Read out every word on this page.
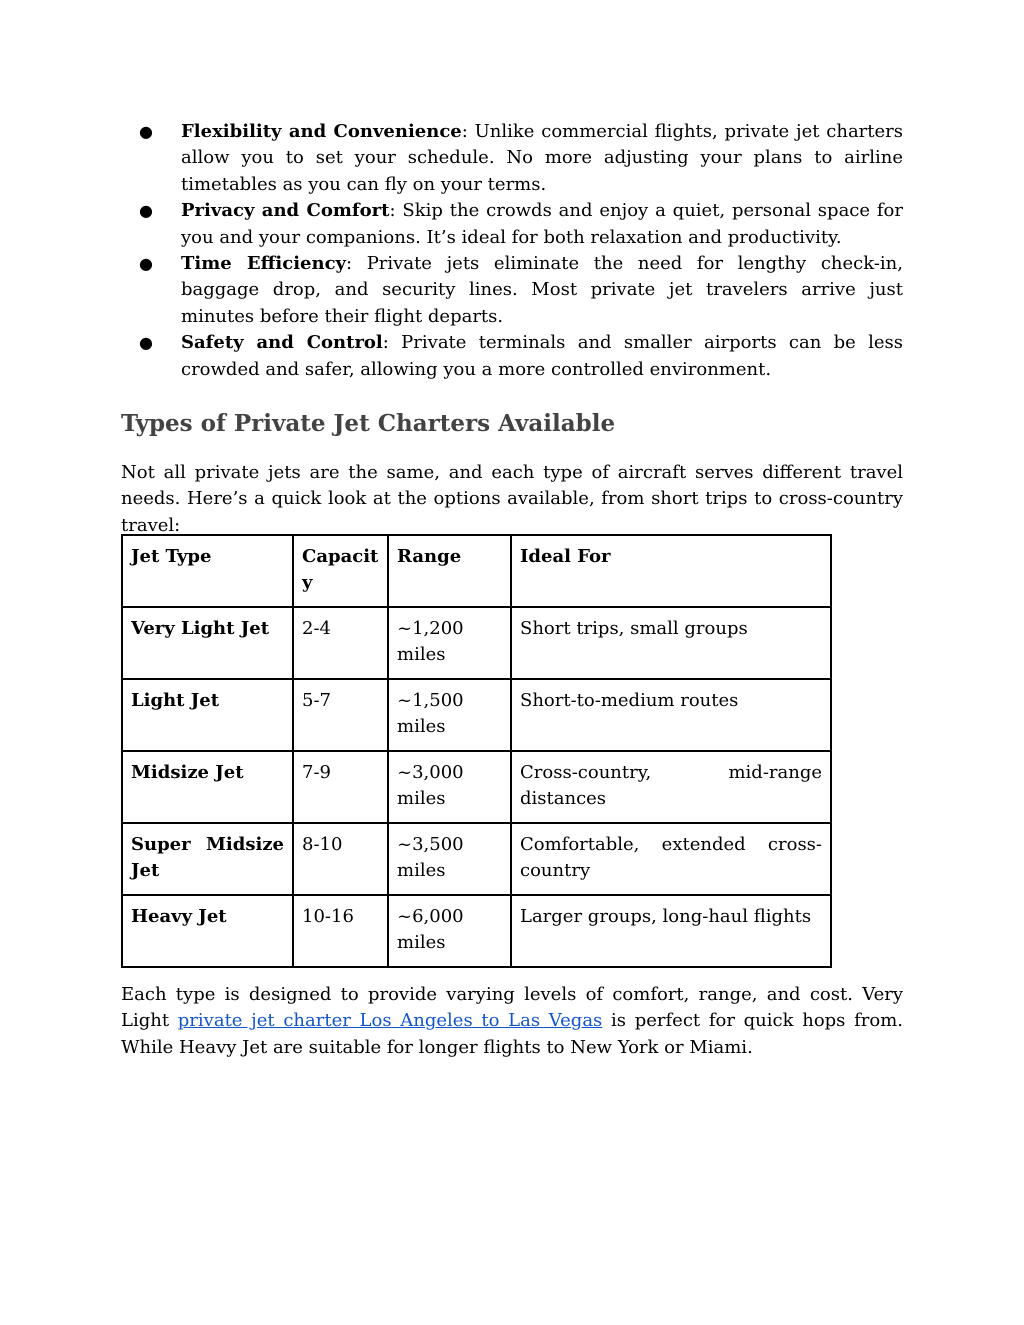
● Flexibility and Convenience: Unlike commercial flights, private jet charters allow you to set your schedule. No more adjusting your plans to airline timetables as you can fly on your terms.
● Privacy and Comfort: Skip the crowds and enjoy a quiet, personal space for you and your companions. It’s ideal for both relaxation and productivity.
● Time Efficiency: Private jets eliminate the need for lengthy check-in, baggage drop, and security lines. Most private jet travelers arrive just minutes before their flight departs.
● Safety and Control: Private terminals and smaller airports can be less crowded and safer, allowing you a more controlled environment.
Types of Private Jet Charters Available

Not all private jets are the same, and each type of aircraft serves different travel needs. Here’s a quick look at the options available, from short trips to cross-country travel:

Jet Type	Capacity	Range	Ideal For
Very Light Jet	2-4	~1,200 miles	Short trips, small groups
Light Jet	5-7	~1,500 miles	Short-to-medium routes
Midsize Jet	7-9	~3,000 miles	Cross-country, mid-range distances
Super Midsize Jet	8-10	~3,500 miles	Comfortable, extended cross-country
Heavy Jet	10-16	~6,000 miles	Larger groups, long-haul flights

Each type is designed to provide varying levels of comfort, range, and cost. Very Light private jet charter Los Angeles to Las Vegas is perfect for quick hops from. While Heavy Jet are suitable for longer flights to New York or Miami.
